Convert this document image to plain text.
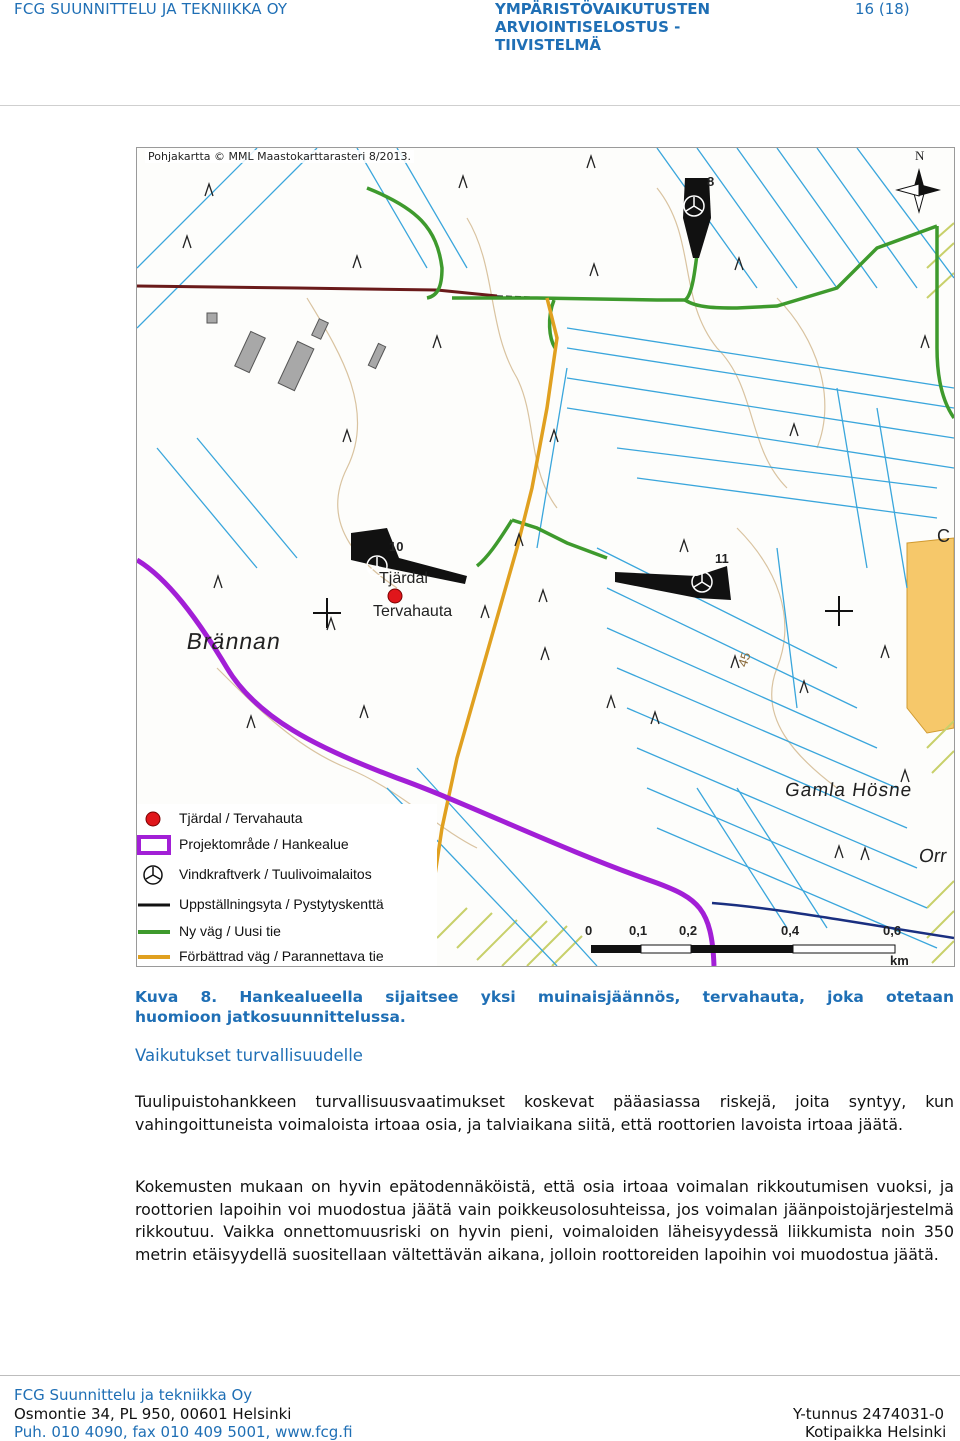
FCG SUUNNITTELU JA TEKNIIKKA OY	YMPÄRISTÖVAIKUTUSTEN
ARVIOINTISELOSTUS -
TIIVISTELMÄ
16 (18)
Pohjakartta © MML Maastokarttarasteri 8/2013.	N
8
10
11
Tjärdal
Tervahauta
Brännan
Gamla Hösne
Orr
45
C
Tjärdal / Tervahauta
Projektområde / Hankealue
Vindkraftverk / Tuulivoimalaitos
Uppställningsyta / Pystytyskenttä
Ny väg / Uusi tie
Förbättrad väg / Parannettava tie
0	0,1 0,2	0,4	0,6
km
Kuva 8. Hankealueella sijaitsee yksi muinaisjäännös, tervahauta, joka otetaan
huomioon jatkosuunnittelussa.
Vaikutukset turvallisuudelle
Tuulipuistohankkeen turvallisuusvaatimukset koskevat pääasiassa riskejä, joita syntyy, kun vahingoittuneista voimaloista irtoaa osia, ja talviaikana siitä, että roottorien lavoista irtoaa jäätä.
Kokemusten mukaan on hyvin epätodennäköistä, että osia irtoaa voimalan rikkoutumisen vuoksi, ja roottorien lapoihin voi muodostua jäätä vain poikkeusolosuhteissa, jos voimalan jäänpoistojärjestelmä rikkoutuu. Vaikka onnettomuusriski on hyvin pieni, voimaloiden läheisyydessä liikkumista noin 350 metrin etäisyydellä suositellaan vältettävän aikana, jolloin roottoreiden lapoihin voi muodostua jäätä.
FCG Suunnittelu ja tekniikka Oy
Osmontie 34, PL 950, 00601 Helsinki
Puh. 010 4090, fax 010 409 5001, www.fcg.fi
Y-tunnus 2474031-0
Kotipaikka Helsinki
